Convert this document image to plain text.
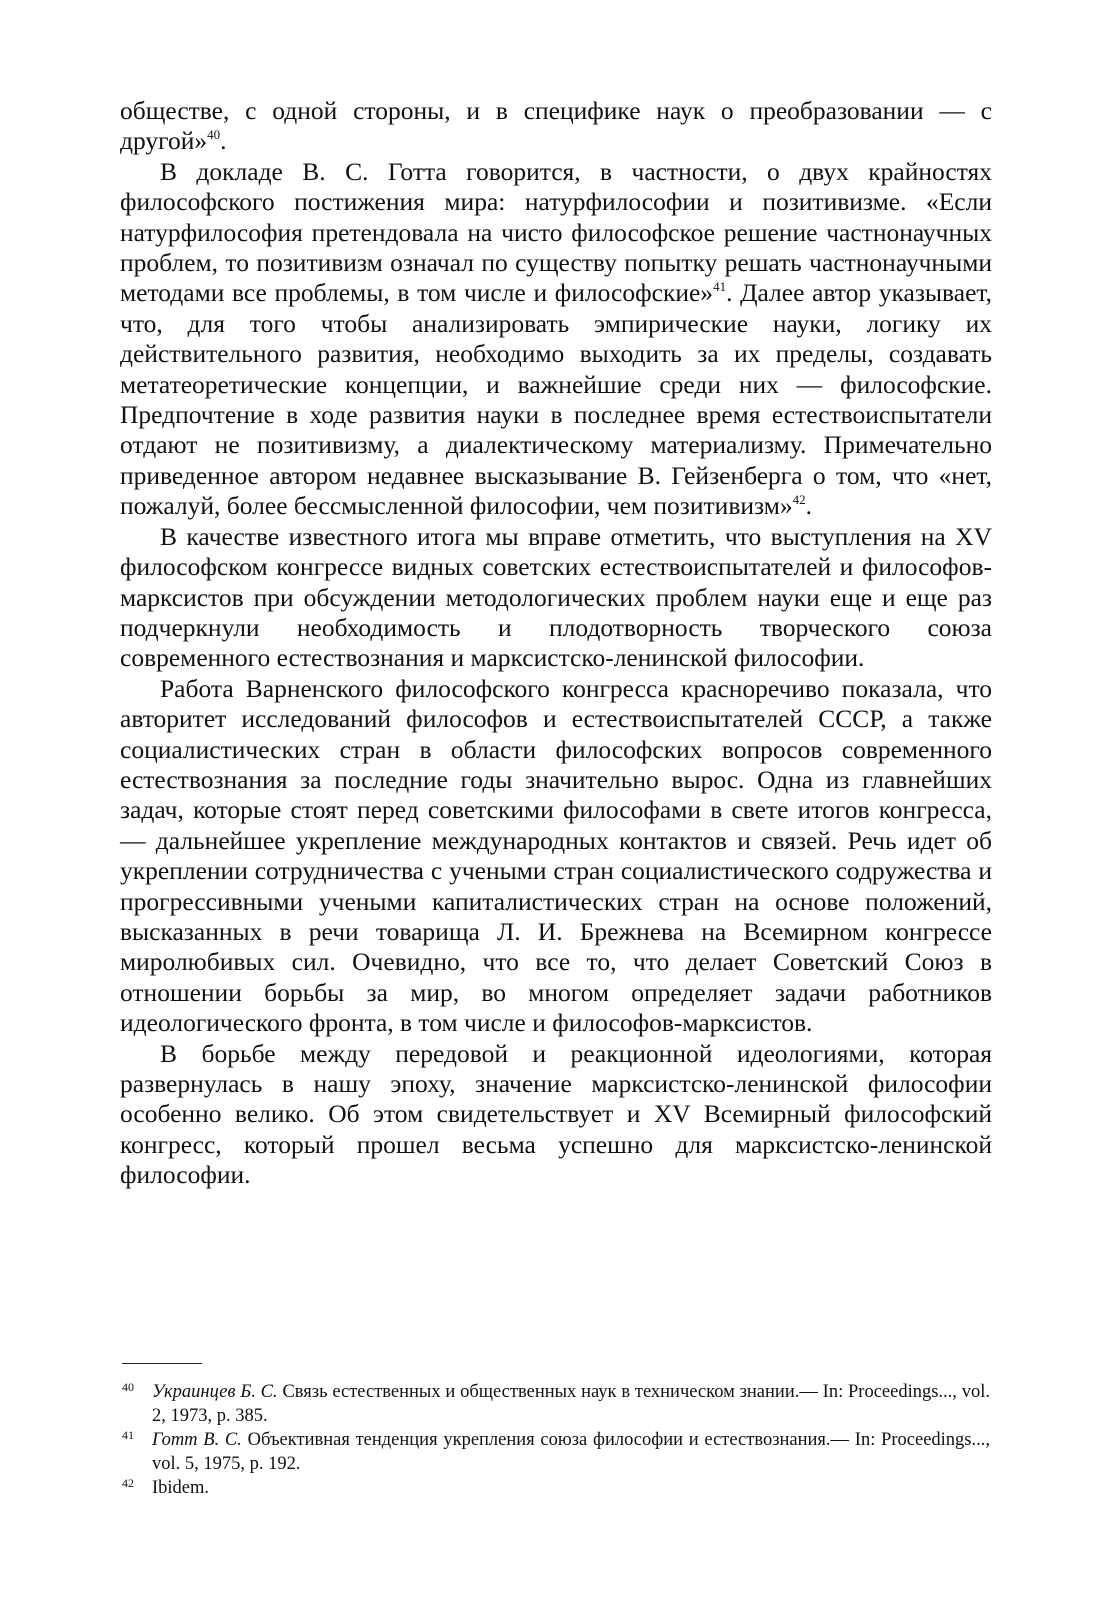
обществе, с одной стороны, и в специфике наук о преобразовании — с другой»$^{40}$.

В докладе В. С. Готта говорится, в частности, о двух крайностях философского постижения мира: натурфилософии и позитивизме. «Если натурфилософия претендовала на чисто философское решение частнонаучных проблем, то позитивизм означал по существу попытку решать частнонаучными методами все проблемы, в том числе и философские»$^{41}$. Далее автор указывает, что, для того чтобы анализировать эмпирические науки, логику их действительного развития, необходимо выходить за их пределы, создавать метатеоретические концепции, и важнейшие среди них — философские. Предпочтение в ходе развития науки в последнее время естествоиспытатели отдают не позитивизму, а диалектическому материализму. Примечательно приведенное автором недавнее высказывание В. Гейзенберга о том, что «нет, пожалуй, более бессмысленной философии, чем позитивизм»$^{42}$.

В качестве известного итога мы вправе отметить, что выступления на XV философском конгрессе видных советских естествоиспытателей и философов-марксистов при обсуждении методологических проблем науки еще и еще раз подчеркнули необходимость и плодотворность творческого союза современного естествознания и марксистско-ленинской философии.

Работа Варненского философского конгресса красноречиво показала, что авторитет исследований философов и естествоиспытателей СССР, а также социалистических стран в области философских вопросов современного естествознания за последние годы значительно вырос. Одна из главнейших задач, которые стоят перед советскими философами в свете итогов конгресса, — дальнейшее укрепление международных контактов и связей. Речь идет об укреплении сотрудничества с учеными стран социалистического содружества и прогрессивными учеными капиталистических стран на основе положений, высказанных в речи товарища Л. И. Брежнева на Всемирном конгрессе миролюбивых сил. Очевидно, что все то, что делает Советский Союз в отношении борьбы за мир, во многом определяет задачи работников идеологического фронта, в том числе и философов-марксистов.

В борьбе между передовой и реакционной идеологиями, которая развернулась в нашу эпоху, значение марксистско-ленинской философии особенно велико. Об этом свидетельствует и XV Всемирный философский конгресс, который прошел весьма успешно для марксистско-ленинской философии.

40 Украинцев Б. С. Связь естественных и общественных наук в техническом знании.— In: Proceedings..., vol. 2, 1973, p. 385.

41 Готт В. С. Объективная тенденция укрепления союза философии и естествознания.— In: Proceedings..., vol. 5, 1975, p. 192.

42 Ibidem.
